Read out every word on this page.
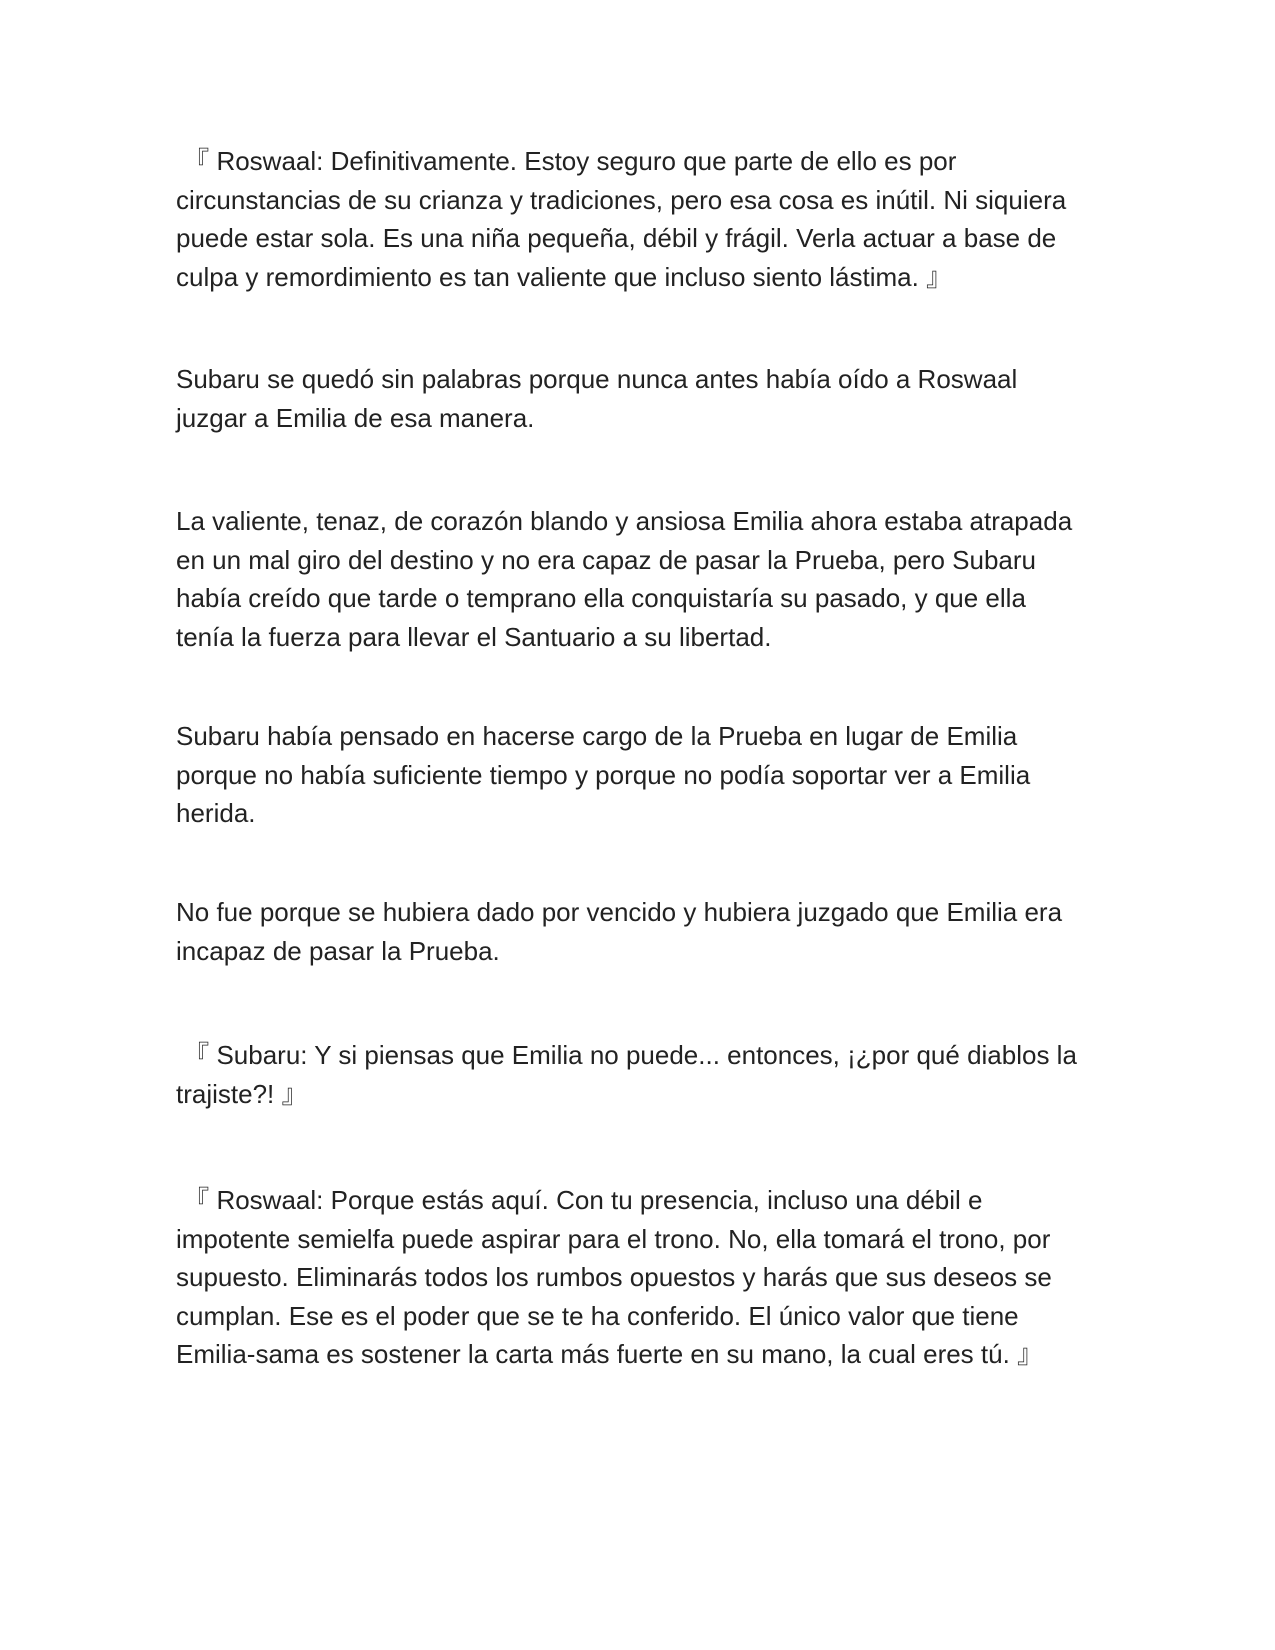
『 Roswaal: Definitivamente. Estoy seguro que parte de ello es por
circunstancias de su crianza y tradiciones, pero esa cosa es inútil. Ni siquiera
puede estar sola. Es una niña pequeña, débil y frágil. Verla actuar a base de
culpa y remordimiento es tan valiente que incluso siento lástima. 』

Subaru se quedó sin palabras porque nunca antes había oído a Roswaal
juzgar a Emilia de esa manera.

La valiente, tenaz, de corazón blando y ansiosa Emilia ahora estaba atrapada
en un mal giro del destino y no era capaz de pasar la Prueba, pero Subaru
había creído que tarde o temprano ella conquistaría su pasado, y que ella
tenía la fuerza para llevar el Santuario a su libertad.

Subaru había pensado en hacerse cargo de la Prueba en lugar de Emilia
porque no había suficiente tiempo y porque no podía soportar ver a Emilia
herida.

No fue porque se hubiera dado por vencido y hubiera juzgado que Emilia era
incapaz de pasar la Prueba.

『 Subaru: Y si piensas que Emilia no puede... entonces, ¡¿por qué diablos la
trajiste?! 』

『 Roswaal: Porque estás aquí. Con tu presencia, incluso una débil e
impotente semielfa puede aspirar para el trono. No, ella tomará el trono, por
supuesto. Eliminarás todos los rumbos opuestos y harás que sus deseos se
cumplan. Ese es el poder que se te ha conferido. El único valor que tiene
Emilia-sama es sostener la carta más fuerte en su mano, la cual eres tú. 』
